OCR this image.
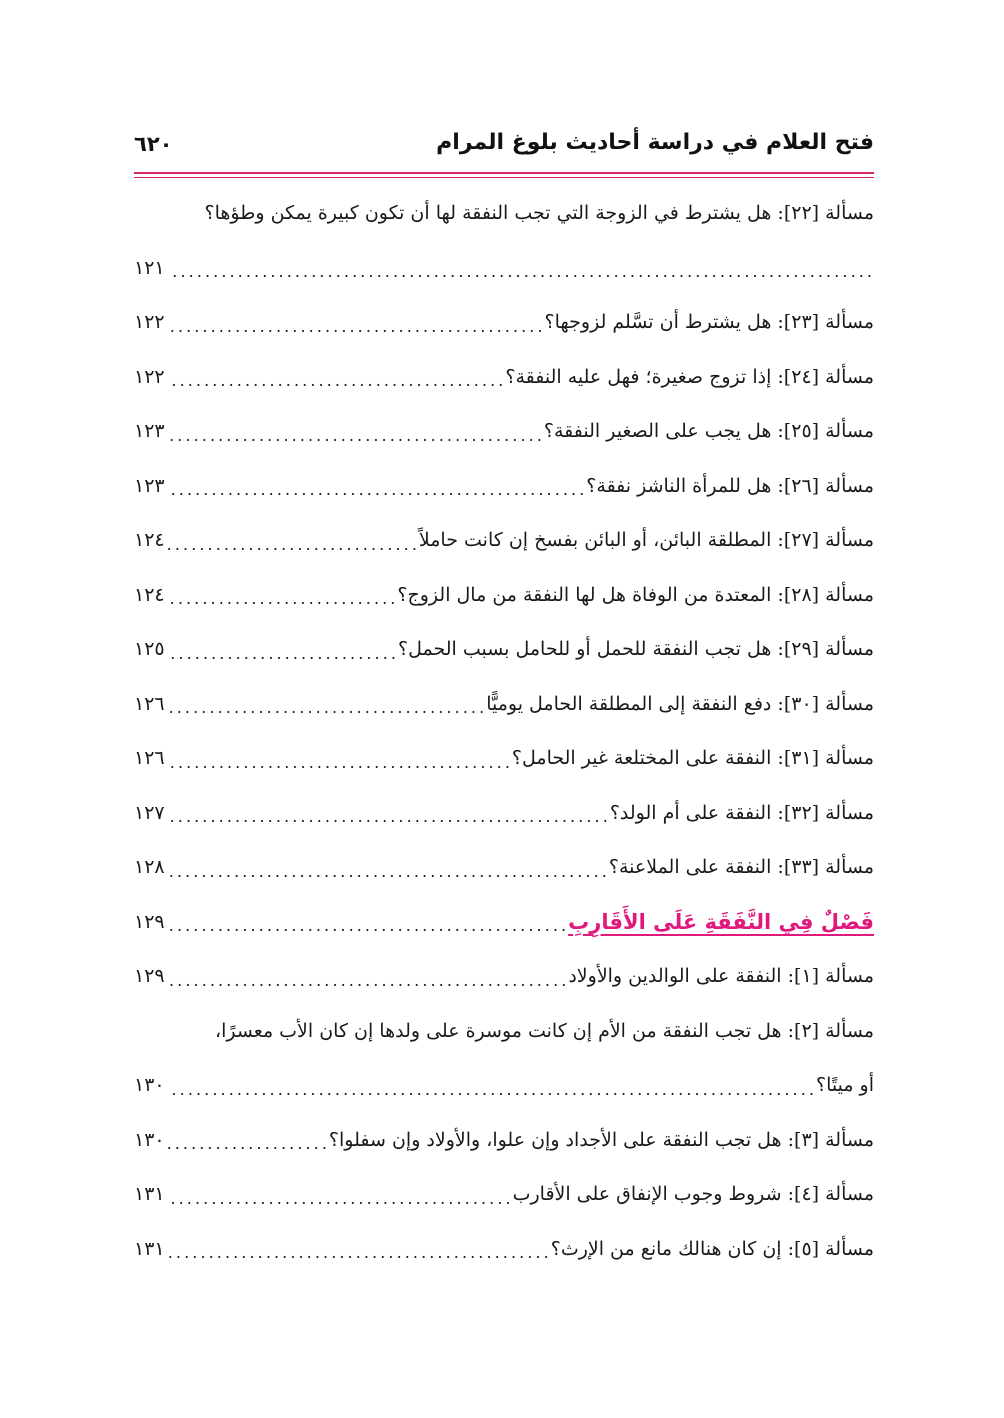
فتح العلام في دراسة أحاديث بلوغ المرام
٦٢٠
مسألة [٢٢]: هل يشترط في الزوجة التي تجب النفقة لها أن تكون كبيرة يمكن وطؤها؟
. . .
١٢١
مسألة [٢٣]: هل يشترط أن تسَّلم لزوجها؟
. . .
١٢٢
مسألة [٢٤]: إذا تزوج صغيرة؛ فهل عليه النفقة؟
. . .
١٢٢
مسألة [٢٥]: هل يجب على الصغير النفقة؟
. . .
١٢٣
مسألة [٢٦]: هل للمرأة الناشز نفقة؟
. . .
١٢٣
مسألة [٢٧]: المطلقة البائن، أو البائن بفسخ إن كانت حاملاً
. . .
١٢٤
مسألة [٢٨]: المعتدة من الوفاة هل لها النفقة من مال الزوج؟
. . .
١٢٤
مسألة [٢٩]: هل تجب النفقة للحمل أو للحامل بسبب الحمل؟
. . .
١٢٥
مسألة [٣٠]: دفع النفقة إلى المطلقة الحامل يوميًّا
. . .
١٢٦
مسألة [٣١]: النفقة على المختلعة غير الحامل؟
. . .
١٢٦
مسألة [٣٢]: النفقة على أم الولد؟
. . .
١٢٧
مسألة [٣٣]: النفقة على الملاعنة؟
. . .
١٢٨
فَصْلٌ فِي النَّفَقَةِ عَلَى الأَقَارِبِ
. . .
١٢٩
مسألة [١]: النفقة على الوالدين والأولاد
. . .
١٢٩
مسألة [٢]: هل تجب النفقة من الأم إن كانت موسرة على ولدها إن كان الأب معسرًا،
أو ميتًا؟
. . .
١٣٠
مسألة [٣]: هل تجب النفقة على الأجداد وإن علوا، والأولاد وإن سفلوا؟
. . .
١٣٠
مسألة [٤]: شروط وجوب الإنفاق على الأقارب
. . .
١٣١
مسألة [٥]: إن كان هنالك مانع من الإرث؟
. . .
١٣١
